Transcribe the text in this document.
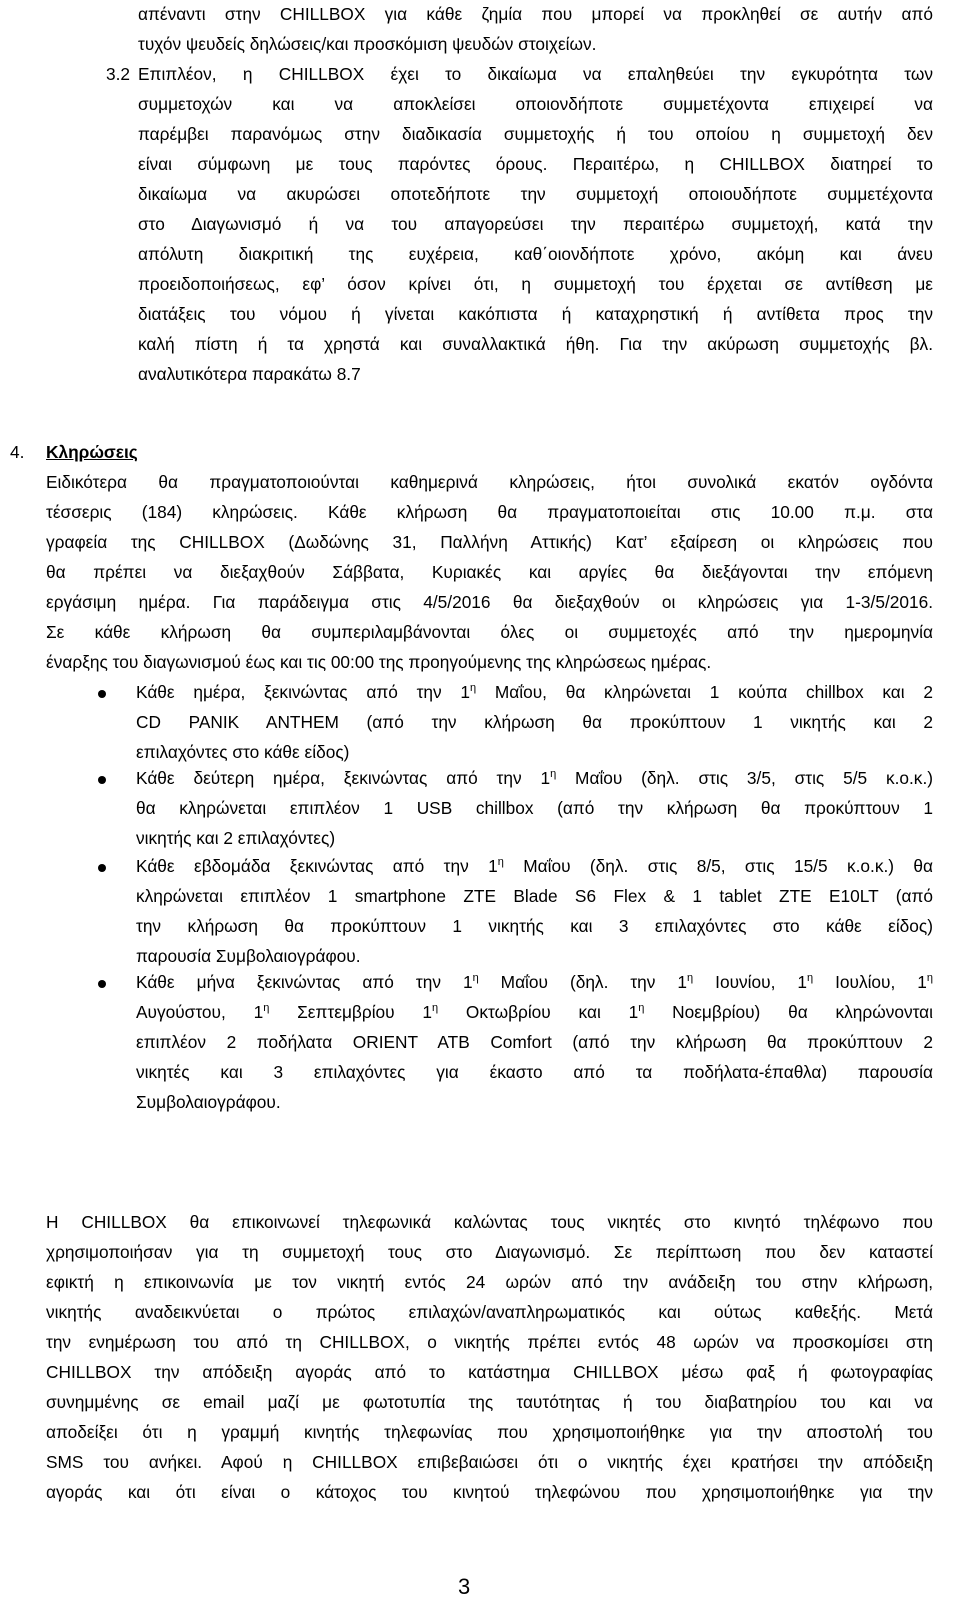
απέναντι στην CHILLBOX για κάθε ζημία που μπορεί να προκληθεί σε αυτήν από
τυχόν ψευδείς δηλώσεις/και προσκόμιση ψευδών στοιχείων.
3.2 Επιπλέον, η CHILLBOX έχει το δικαίωμα να επαληθεύει την εγκυρότητα των
συμμετοχών και να αποκλείσει οποιονδήποτε συμμετέχοντα επιχειρεί να
παρέμβει παρανόμως στην διαδικασία συμμετοχής ή του οποίου η συμμετοχή δεν
είναι σύμφωνη με τους παρόντες όρους. Περαιτέρω, η CHILLBOX διατηρεί το
δικαίωμα να ακυρώσει οποτεδήποτε την συμμετοχή οποιουδήποτε συμμετέχοντα
στο Διαγωνισμό ή να του απαγορεύσει την περαιτέρω συμμετοχή, κατά την
απόλυτη διακριτική της ευχέρεια, καθ΄οιονδήποτε χρόνο, ακόμη και άνευ
προειδοποιήσεως, εφ’ όσον κρίνει ότι, η συμμετοχή του έρχεται σε αντίθεση με
διατάξεις του νόμου ή γίνεται κακόπιστα ή καταχρηστική ή αντίθετα προς την
καλή πίστη ή τα χρηστά και συναλλακτικά ήθη. Για την ακύρωση συμμετοχής βλ.
αναλυτικότερα παρακάτω 8.7
4. Κληρώσεις
Ειδικότερα θα πραγματοποιούνται καθημερινά κληρώσεις, ήτοι συνολικά εκατόν ογδόντα
τέσσερις (184) κληρώσεις. Κάθε κλήρωση θα πραγματοποιείται στις 10.00 π.μ. στα
γραφεία της CHILLBOX (Δωδώνης 31, Παλλήνη Αττικής) Κατ’ εξαίρεση οι κληρώσεις που
θα πρέπει να διεξαχθούν Σάββατα, Κυριακές και αργίες θα διεξάγονται την επόμενη
εργάσιμη ημέρα. Για παράδειγμα στις 4/5/2016 θα διεξαχθούν οι κληρώσεις για 1-3/5/2016.
Σε κάθε κλήρωση θα συμπεριλαμβάνονται όλες οι συμμετοχές από την ημερομηνία
έναρξης του διαγωνισμού έως και τις 00:00 της προηγούμενης της κληρώσεως ημέρας.
Κάθε ημέρα, ξεκινώντας από την $1^\eta$ Μαΐου, θα κληρώνεται 1 κούπα chillbox και 2
CD PANIK ANTHEM (από την κλήρωση θα προκύπτουν 1 νικητής και 2
επιλαχόντες στο κάθε είδος)
Κάθε δεύτερη ημέρα, ξεκινώντας από την $1^\eta$ Μαΐου (δηλ. στις 3/5, στις 5/5 κ.ο.κ.)
θα κληρώνεται επιπλέον 1 USB chillbox (από την κλήρωση θα προκύπτουν 1
νικητής και 2 επιλαχόντες)
Κάθε εβδομάδα ξεκινώντας από την $1^\eta$ Μαΐου (δηλ. στις 8/5, στις 15/5 κ.ο.κ.) θα
κληρώνεται επιπλέον 1 smartphone ZTE Blade S6 Flex & 1 tablet ZTE E10LT (από
την κλήρωση θα προκύπτουν 1 νικητής και 3 επιλαχόντες στο κάθε είδος)
παρουσία Συμβολαιογράφου.
Κάθε μήνα ξεκινώντας από την $1^\eta$ Μαΐου (δηλ. την $1^\eta$ Ιουνίου, $1^\eta$ Ιουλίου, $1^\eta$
Αυγούστου, $1^\eta$ Σεπτεμβρίου $1^\eta$ Οκτωβρίου και $1^\eta$ Νοεμβρίου) θα κληρώνονται
επιπλέον 2 ποδήλατα ORIENT ATB Comfort (από την κλήρωση θα προκύπτουν 2
νικητές και 3 επιλαχόντες για έκαστο από τα ποδήλατα-έπαθλα) παρουσία
Συμβολαιογράφου.
Η CHILLBOX θα επικοινωνεί τηλεφωνικά καλώντας τους νικητές στο κινητό τηλέφωνο που
χρησιμοποιήσαν για τη συμμετοχή τους στο Διαγωνισμό. Σε περίπτωση που δεν καταστεί
εφικτή η επικοινωνία με τον νικητή εντός 24 ωρών από την ανάδειξη του στην κλήρωση,
νικητής αναδεικνύεται ο πρώτος επιλαχών/αναπληρωματικός και ούτως καθεξής. Μετά
την ενημέρωση του από τη CHILLBOX, ο νικητής πρέπει εντός 48 ωρών να προσκομίσει στη
CHILLBOX την απόδειξη αγοράς από το κατάστημα CHILLBOX μέσω φαξ ή φωτογραφίας
συνημμένης σε email μαζί με φωτοτυπία της ταυτότητας ή του διαβατηρίου του και να
αποδείξει ότι η γραμμή κινητής τηλεφωνίας που χρησιμοποιήθηκε για την αποστολή του
SMS του ανήκει. Αφού η CHILLBOX επιβεβαιώσει ότι ο νικητής έχει κρατήσει την απόδειξη
αγοράς και ότι είναι ο κάτοχος του κινητού τηλεφώνου που χρησιμοποιήθηκε για την
3
